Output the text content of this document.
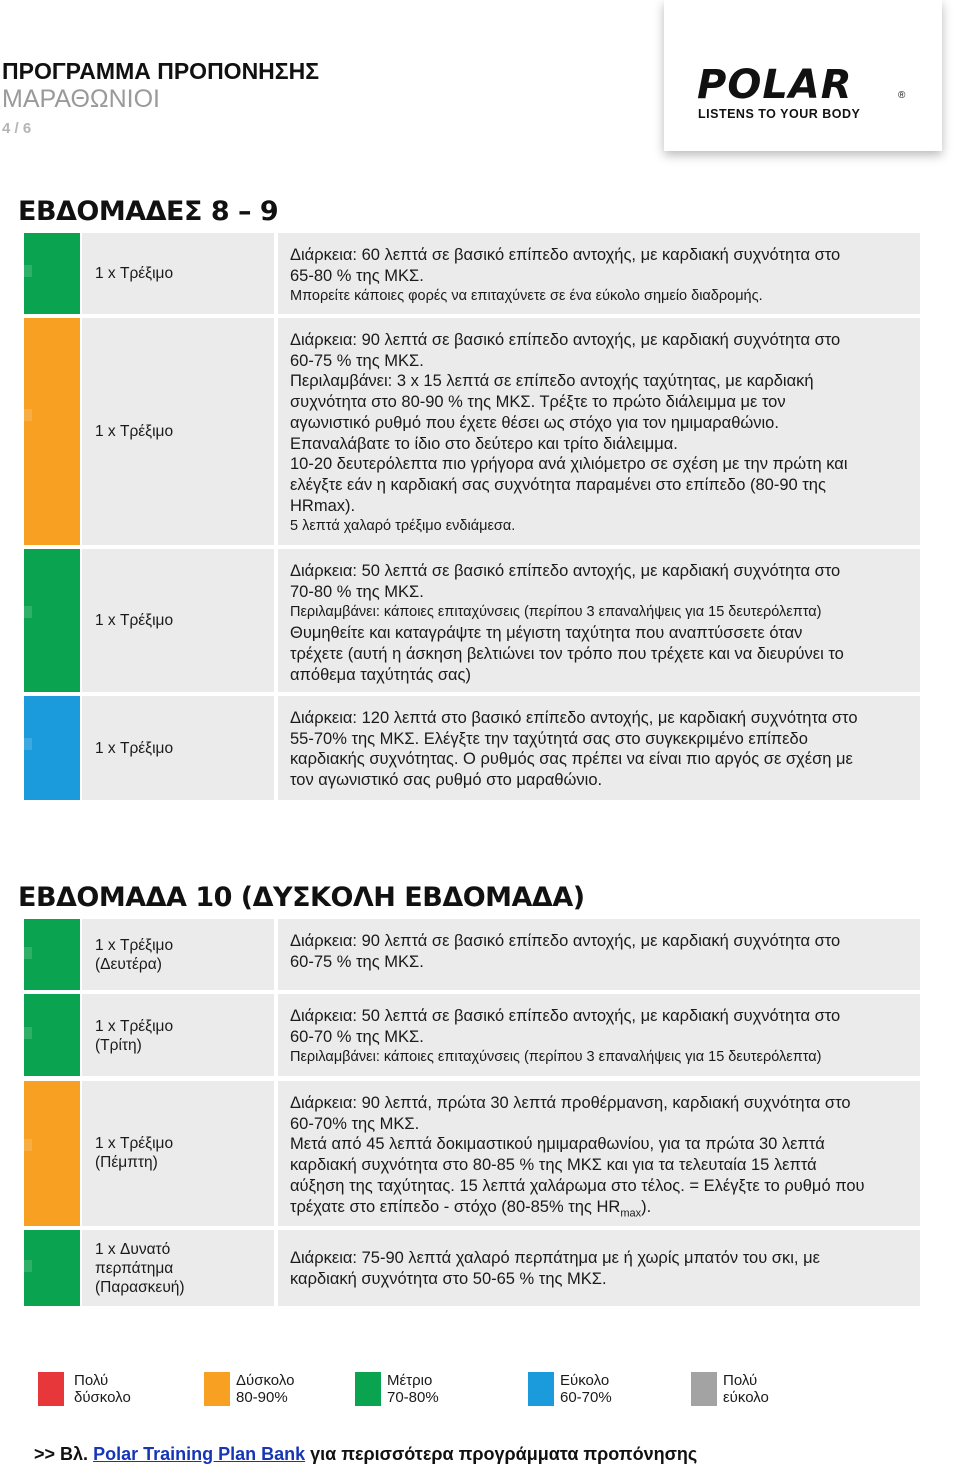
ΠΡΟΓΡΑΜΜΑ ΠΡΟΠΟΝΗΣΗΣ
ΜΑΡΑΘΩΝΙΟΙ
4 / 6
POLAR	®
LISTENS TO YOUR BODY
ΕΒΔΟΜΑΔΕΣ 8 – 9
1 x Τρέξιμο
Διάρκεια: 60 λεπτά σε βασικό επίπεδο αντοχής, με καρδιακή συχνότητα στο
65-80 % της ΜΚΣ.
Μπορείτε κάποιες φορές να επιταχύνετε σε ένα εύκολο σημείο διαδρομής.
1 x Τρέξιμο
Διάρκεια: 90 λεπτά σε βασικό επίπεδο αντοχής, με καρδιακή συχνότητα στο
60-75 % της ΜΚΣ.
Περιλαμβάνει: 3 x 15 λεπτά σε επίπεδο αντοχής ταχύτητας, με καρδιακή
συχνότητα στο 80-90 % της ΜΚΣ. Τρέξτε το πρώτο διάλειμμα με τον
αγωνιστικό ρυθμό που έχετε θέσει ως στόχο για τον ημιμαραθώνιο.
Επαναλάβατε το ίδιο στο δεύτερο και τρίτο διάλειμμα.
10-20 δευτερόλεπτα πιο γρήγορα ανά χιλιόμετρο σε σχέση με την πρώτη και
ελέγξτε εάν η καρδιακή σας συχνότητα παραμένει στο επίπεδο (80-90 της
HRmax).
5 λεπτά χαλαρό τρέξιμο ενδιάμεσα.
1 x Τρέξιμο
Διάρκεια: 50 λεπτά σε βασικό επίπεδο αντοχής, με καρδιακή συχνότητα στο
70-80 % της ΜΚΣ.
Περιλαμβάνει: κάποιες επιταχύνσεις (περίπου 3 επαναλήψεις για 15 δευτερόλεπτα)
Θυμηθείτε και καταγράψτε τη μέγιστη ταχύτητα που αναπτύσσετε όταν
τρέχετε (αυτή η άσκηση βελτιώνει τον τρόπο που τρέχετε και να διευρύνει το
απόθεμα ταχύτητάς σας)
1 x Τρέξιμο
Διάρκεια: 120 λεπτά στο βασικό επίπεδο αντοχής, με καρδιακή συχνότητα στο
55-70% της ΜΚΣ. Ελέγξτε την ταχύτητά σας στο συγκεκριμένο επίπεδο
καρδιακής συχνότητας. Ο ρυθμός σας πρέπει να είναι πιο αργός σε σχέση με
τον αγωνιστικό σας ρυθμό στο μαραθώνιο.
ΕΒΔΟΜΑΔΑ 10 (ΔΥΣΚΟΛΗ ΕΒΔΟΜΑΔΑ)
1 x Τρέξιμο
(Δευτέρα)
Διάρκεια: 90 λεπτά σε βασικό επίπεδο αντοχής, με καρδιακή συχνότητα στο
60-75 % της ΜΚΣ.
1 x Τρέξιμο
(Τρίτη)
Διάρκεια: 50 λεπτά σε βασικό επίπεδο αντοχής, με καρδιακή συχνότητα στο
60-70 % της ΜΚΣ.
Περιλαμβάνει: κάποιες επιταχύνσεις (περίπου 3 επαναλήψεις για 15 δευτερόλεπτα)
1 x Τρέξιμο
(Πέμπτη)
Διάρκεια: 90 λεπτά, πρώτα 30 λεπτά προθέρμανση, καρδιακή συχνότητα στο
60-70% της ΜΚΣ.
Μετά από 45 λεπτά δοκιμαστικού ημιμαραθωνίου, για τα πρώτα 30 λεπτά
καρδιακή συχνότητα στο 80-85 % της ΜΚΣ και για τα τελευταία 15 λεπτά
αύξηση της ταχύτητας. 15 λεπτά χαλάρωμα στο τέλος. = Ελέγξτε το ρυθμό που
τρέχατε στο επίπεδο - στόχο (80-85% της $HR_{max}$).
1 x Δυνατό
περπάτημα
(Παρασκευή)
Διάρκεια: 75-90 λεπτά χαλαρό περπάτημα με ή χωρίς μπατόν του σκι, με
καρδιακή συχνότητα στο 50-65 % της ΜΚΣ.
Πολύ
δύσκολο
Δύσκολο
80-90%
Μέτριο
70-80%
Εύκολο
60-70%
Πολύ
εύκολο
>> Βλ. Polar Training Plan Bank για περισσότερα προγράμματα προπόνησης
